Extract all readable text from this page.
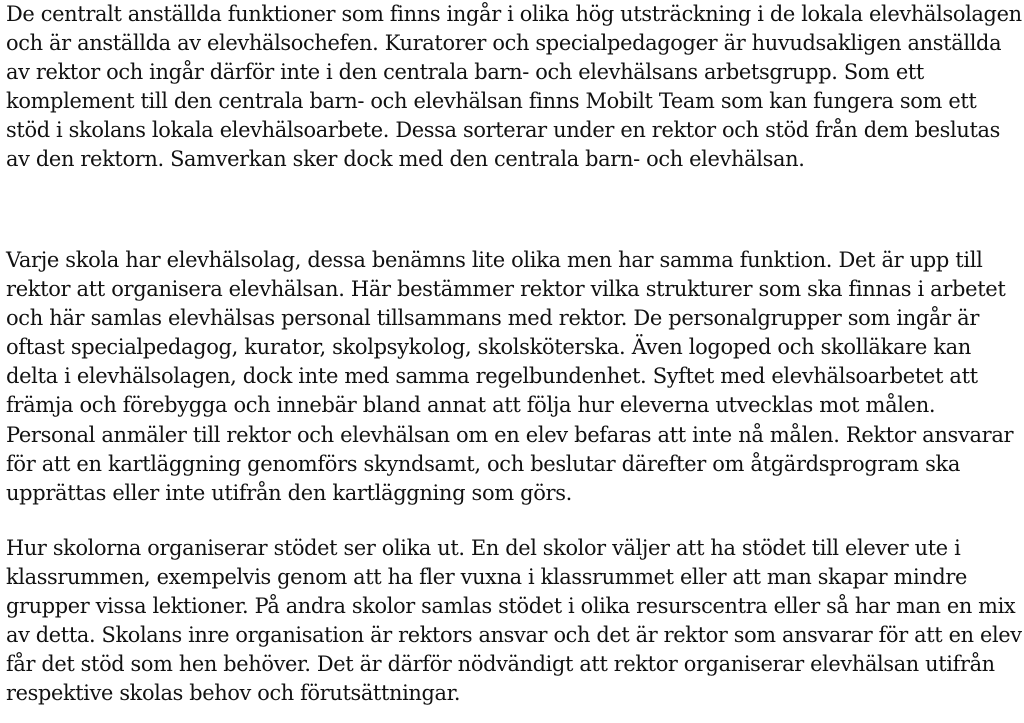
De centralt anställda funktioner som finns ingår i olika hög utsträckning i de lokala elevhälsolagen
och är anställda av elevhälsochefen. Kuratorer och specialpedagoger är huvudsakligen anställda
av rektor och ingår därför inte i den centrala barn- och elevhälsans arbetsgrupp. Som ett
komplement till den centrala barn- och elevhälsan finns Mobilt Team som kan fungera som ett
stöd i skolans lokala elevhälsoarbete. Dessa sorterar under en rektor och stöd från dem beslutas
av den rektorn. Samverkan sker dock med den centrala barn- och elevhälsan.
Varje skola har elevhälsolag, dessa benämns lite olika men har samma funktion. Det är upp till
rektor att organisera elevhälsan. Här bestämmer rektor vilka strukturer som ska finnas i arbetet
och här samlas elevhälsas personal tillsammans med rektor. De personalgrupper som ingår är
oftast specialpedagog, kurator, skolpsykolog, skolsköterska. Även logoped och skolläkare kan
delta i elevhälsolagen, dock inte med samma regelbundenhet. Syftet med elevhälsoarbetet att
främja och förebygga och innebär bland annat att följa hur eleverna utvecklas mot målen.
Personal anmäler till rektor och elevhälsan om en elev befaras att inte nå målen. Rektor ansvarar
för att en kartläggning genomförs skyndsamt, och beslutar därefter om åtgärdsprogram ska
upprättas eller inte utifrån den kartläggning som görs.
Hur skolorna organiserar stödet ser olika ut. En del skolor väljer att ha stödet till elever ute i
klassrummen, exempelvis genom att ha fler vuxna i klassrummet eller att man skapar mindre
grupper vissa lektioner. På andra skolor samlas stödet i olika resurscentra eller så har man en mix
av detta. Skolans inre organisation är rektors ansvar och det är rektor som ansvarar för att en elev
får det stöd som hen behöver. Det är därför nödvändigt att rektor organiserar elevhälsan utifrån
respektive skolas behov och förutsättningar.
